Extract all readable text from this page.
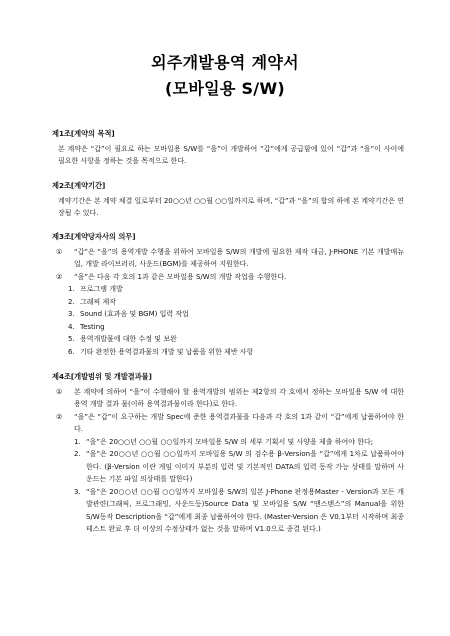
외주개발용역 계약서
(모바일용 S/W)
제1조[계약의 목적]
본 계약은 “갑”이 필요로 하는 모바일용 S/W를 “을”이 개발하여 “갑”에게 공급함에 있어 “갑”과 “을”이 사이에 필요한 사항을 정하는 것을 목적으로 한다.
제2조[계약기간]
계약기간은 본 계약 체결 일로부터 20○○년 ○○월 ○○일까지로 하며, “갑”과 “을”의 합의 하에 본 계약기간은 연장될 수 있다.
제3조[계약당자사의 의무]
① “갑”은 “을”의 용역개발 수행을 위하여 모바일용 S/W의 개발에 필요한 제작 대금, J-PHONE 기본 개발매뉴얼, 개발 라이브러리, 사운드(BGM)를 제공하여 지원한다.
② “을”은 다음 각 호의 1과 같은 모바일용 S/W의 개발 작업을 수행한다.
1. 프로그램 개발
2. 그래픽 제작
3. Sound (효과음 및 BGM) 입력 작업
4. Testing
5. 용역개발물에 대한 수정 및 보완
6. 기타 완전한 용역결과물의 개발 및 납품을 위한 제반 사항
제4조[개발범위 및 개발결과물]
① 본 계약에 의하여 “을”이 수행해야 할 용역개발의 범위는 제2항의 각 호에서 정하는 모바일용 S/W 에 대한 용역 개발 결과 물(이하 용역결과물이라 한다)로 한다.
② “을”은 “갑”이 요구하는 개발 Spec에 준한 용역결과물을 다음과 각 호의 1과 같이 “갑”에게 납품하여야 한다.
1. “을”은 20○○년 ○○월 ○○일까지 모바일용 S/W 의 세부 기획서 및 사양을 제출 하여야 한다;
2. “을”은 20○○년 ○○월 ○○일까지 모바일용 S/W 의 검수용 β-Version을 “갑”에게 1차로 납품하여야 한다. (β-Version 이란 게임 이미지 부분의 입력 및 기본적인 DATA의 입력 동작 가능 상태를 말하며 사운드는 기본 파일 의상태를 말한다)
3. “을”은 20○○년 ○○월 ○○일까지 모바일용 S/W의 일본 J-Phone 판정용Master - Version과 모든 개발관련(그래픽, 프로그래밍, 사운드등)Source Data 및 모바일용 S/W “맨스탠스”의 Manual을 위한 S/W동작 Description을 “갑”에게 최종 납품하여야 한다. (Master-Version 은 V0.1부터 시작하며 최종 테스트 완료 후 더 이상의 수정상태가 없는 것을 말하며 V1.0으로 종결 된다.)
